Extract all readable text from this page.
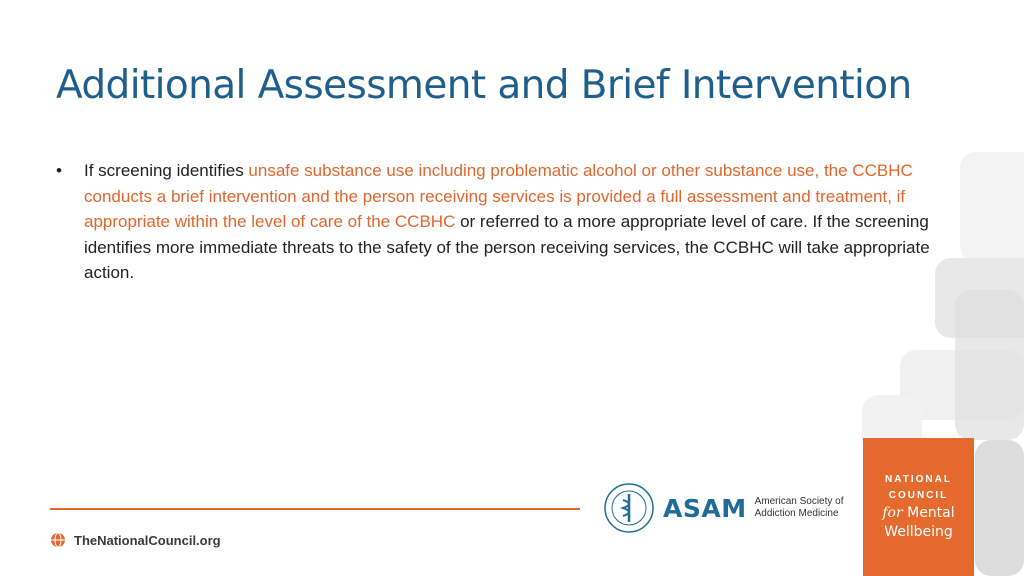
Additional Assessment and Brief Intervention
• If screening identifies unsafe substance use including problematic alcohol or other substance use, the CCBHC conducts a brief intervention and the person receiving services is provided a full assessment and treatment, if appropriate within the level of care of the CCBHC or referred to a more appropriate level of care. If the screening identifies more immediate threats to the safety of the person receiving services, the CCBHC will take appropriate action.
TheNationalCouncil.org
ASAM American Society of
Addiction Medicine
NATIONAL
COUNCIL
for Mental
Wellbeing
